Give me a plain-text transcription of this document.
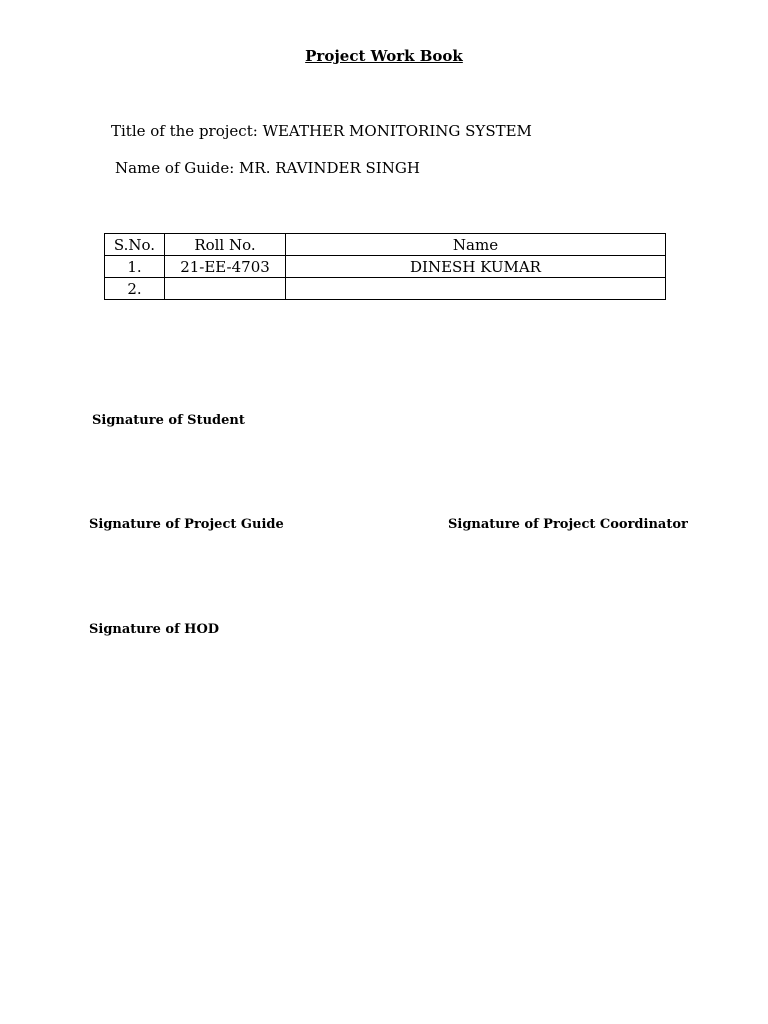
Project Work Book
Title of the project: WEATHER MONITORING SYSTEM
Name of Guide: MR. RAVINDER SINGH
S.No.	Roll No.	Name
1.	21-EE-4703	DINESH KUMAR
2.		
Signature of Student
Signature of Project Guide	Signature of Project Coordinator
Signature of HOD
